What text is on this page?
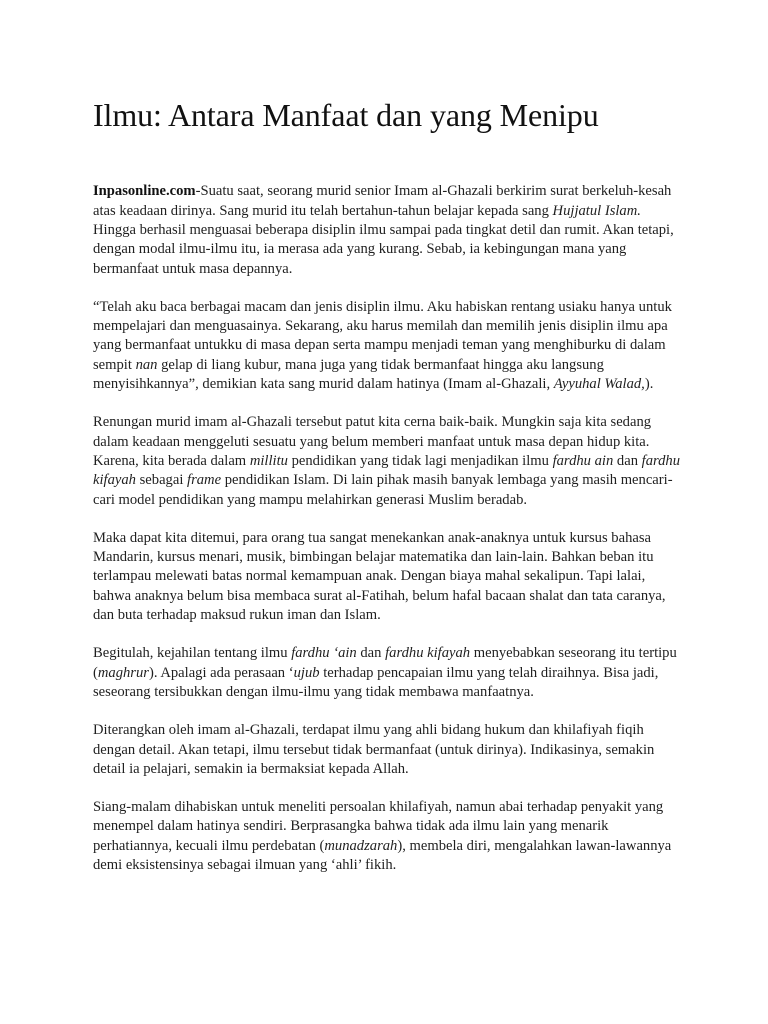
Ilmu: Antara Manfaat dan yang Menipu

Inpasonline.com-Suatu saat, seorang murid senior Imam al-Ghazali berkirim surat berkeluh-kesah atas keadaan dirinya. Sang murid itu telah bertahun-tahun belajar kepada sang Hujjatul Islam. Hingga berhasil menguasai beberapa disiplin ilmu sampai pada tingkat detil dan rumit. Akan tetapi, dengan modal ilmu-ilmu itu, ia merasa ada yang kurang. Sebab, ia kebingungan mana yang bermanfaat untuk masa depannya.

“Telah aku baca berbagai macam dan jenis disiplin ilmu. Aku habiskan rentang usiaku hanya untuk mempelajari dan menguasainya. Sekarang, aku harus memilah dan memilih jenis disiplin ilmu apa yang bermanfaat untukku di masa depan serta mampu menjadi teman yang menghiburku di dalam sempit nan gelap di liang kubur, mana juga yang tidak bermanfaat hingga aku langsung menyisihkannya”, demikian kata sang murid dalam hatinya (Imam al-Ghazali, Ayyuhal Walad,).

Renungan murid imam al-Ghazali tersebut patut kita cerna baik-baik. Mungkin saja kita sedang dalam keadaan menggeluti sesuatu yang belum memberi manfaat untuk masa depan hidup kita. Karena, kita berada dalam millitu pendidikan yang tidak lagi menjadikan ilmu fardhu ain dan fardhu kifayah sebagai frame pendidikan Islam. Di lain pihak masih banyak lembaga yang masih mencari-cari model pendidikan yang mampu melahirkan generasi Muslim beradab.

Maka dapat kita ditemui, para orang tua sangat menekankan anak-anaknya untuk kursus bahasa Mandarin, kursus menari, musik, bimbingan belajar matematika dan lain-lain. Bahkan beban itu terlampau melewati batas normal kemampuan anak. Dengan biaya mahal sekalipun. Tapi lalai, bahwa anaknya belum bisa membaca surat al-Fatihah, belum hafal bacaan shalat dan tata caranya, dan buta terhadap maksud rukun iman dan Islam.

Begitulah, kejahilan tentang ilmu fardhu ‘ain dan fardhu kifayah menyebabkan seseorang itu tertipu (maghrur). Apalagi ada perasaan ‘ujub terhadap pencapaian ilmu yang telah diraihnya. Bisa jadi, seseorang tersibukkan dengan ilmu-ilmu yang tidak membawa manfaatnya.

Diterangkan oleh imam al-Ghazali, terdapat ilmu yang ahli bidang hukum dan khilafiyah fiqih dengan detail. Akan tetapi, ilmu tersebut tidak bermanfaat (untuk dirinya). Indikasinya, semakin detail ia pelajari, semakin ia bermaksiat kepada Allah.

Siang-malam dihabiskan untuk meneliti persoalan khilafiyah, namun abai terhadap penyakit yang menempel dalam hatinya sendiri. Berprasangka bahwa tidak ada ilmu lain yang menarik perhatiannya, kecuali ilmu perdebatan (munadzarah), membela diri, mengalahkan lawan-lawannya demi eksistensinya sebagai ilmuan yang ‘ahli’ fikih.
